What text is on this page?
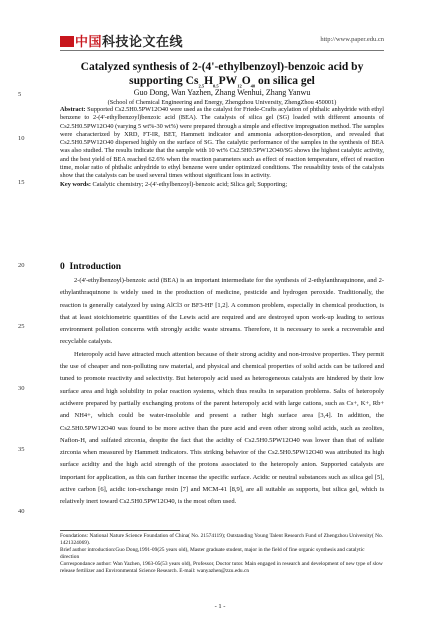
中国科技论文在线	http://www.paper.edu.cn
Catalyzed synthesis of 2-(4'-ethylbenzoyl)-benzoic acid by
supporting $Cs_{2.5}H_{0.5}PW_{12}O_{40}$ on silica gel
Guo Dong, Wan Yazhen, Zhang Wenhui, Zhang Yanwu
(School of Chemical Engineering and Energy, Zhengzhou University, ZhengZhou 450001)
5
10
15
20
25
30
35
40
Abstract: Supported Cs2.5H0.5PW12O40 were used as the catalyst for Friede-Crafts acylation of phthalic anhydride with ethyl benzene to 2-(4'-ethylbenzoyl)benzoic acid (BEA). The catalysis of silica gel (SG) loaded with different amounts of Cs2.5H0.5PW12O40 (varying 5 wt%-30 wt%) were prepared through a simple and effective impregnation method. The samples were characterized by XRD, FT-IR, BET, Hammett indicator and ammonia adsorption-desorption, and revealed that Cs2.5H0.5PW12O40 dispersed highly on the surface of SG. The catalytic performance of the samples in the synthesis of BEA was also studied. The results indicate that the sample with 10 wt% Cs2.5H0.5PW12O40/SG shows the highest catalytic activity, and the best yield of BEA reached 62.6% when the reaction parameters such as effect of reaction temperature, effect of reaction time, molar ratio of phthalic anhydride to ethyl benzene were under optimized conditions. The reusability tests of the catalysts show that the catalysts can be used several times without significant loss in activity.
Key words: Catalytic chemistry; 2-(4'-ethylbenzoyl)-benzoic acid; Silica gel; Supporting;
0 Introduction

2-(4'-ethylbenzoyl)-benzoic acid (BEA) is an important intermediate for the synthesis of 2-ethylanthraquinone, and 2-ethylanthraquinone is widely used in the production of medicine, pesticide and hydrogen peroxide. Traditionally, the reaction is generally catalyzed by using AlCl3 or BF3-HF [1,2]. A common problem, especially in chemical production, is that at least stoichiometric quantities of the Lewis acid are required and are destroyed upon work-up leading to serious environment pollution concerns with strongly acidic waste streams. Therefore, it is necessary to seek a recoverable and recyclable catalysts.

Heteropoly acid have attracted much attention because of their strong acidity and non-irrosive properties. They permit the use of cheaper and non-polluting raw material, and physical and chemical properties of solid acids can be tailored and tuned to promote reactivity and selectivity. But heteropoly acid used as heterogeneous catalysts are hindered by their low surface area and high solubility in polar reaction systems, which thus results in separation problems. Salts of heteropoly acidwere prepared by partially exchanging protons of the parent heteropoly acid with large cations, such as Cs+, K+, Rb+ and NH4+, which could be water-insoluble and present a rather high surface area [3,4]. In addition, the Cs2.5H0.5PW12O40 was found to be more active than the pure acid and even other strong solid acids, such as zeolites, Nafion-H, and sulfated zirconia, despite the fact that the acidity of Cs2.5H0.5PW12O40 was lower than that of sulfate zirconia when measured by Hammett indicators. This striking behavior of the Cs2.5H0.5PW12O40 was attributed its high surface acidity and the high acid strength of the protons associated to the heteropoly anion. Supported catalysts are important for application, as this can further incense the specific surface. Acidic or neutral substances such as silica gel [5], active carbon [6], acidic ion-exchange resin [7] and MCM-41 [8,9], are all suitable as supports, but silica gel, which is relatively inert toward Cs2.5H0.5PW12O40, is the most often used.

Foundations: National Nature Science Foundation of China( No. 21574119); Outstanding Young Talent Research Fund of Zhengzhou University( No. 1421324069).
Brief author introduction:Guo Dong,1991-09(25 years old), Master graduate student, major in the field of fine organic synthesis and catalytic direction
Correspondance author: Wan Yazhen, 1963-05(53 years old), Professor, Doctor tutor. Main engaged in research and development of new type of slow release fertilizer and Environmental Science Research. E-mail: wanyazhen@zzu.edu.cn
- 1 -
